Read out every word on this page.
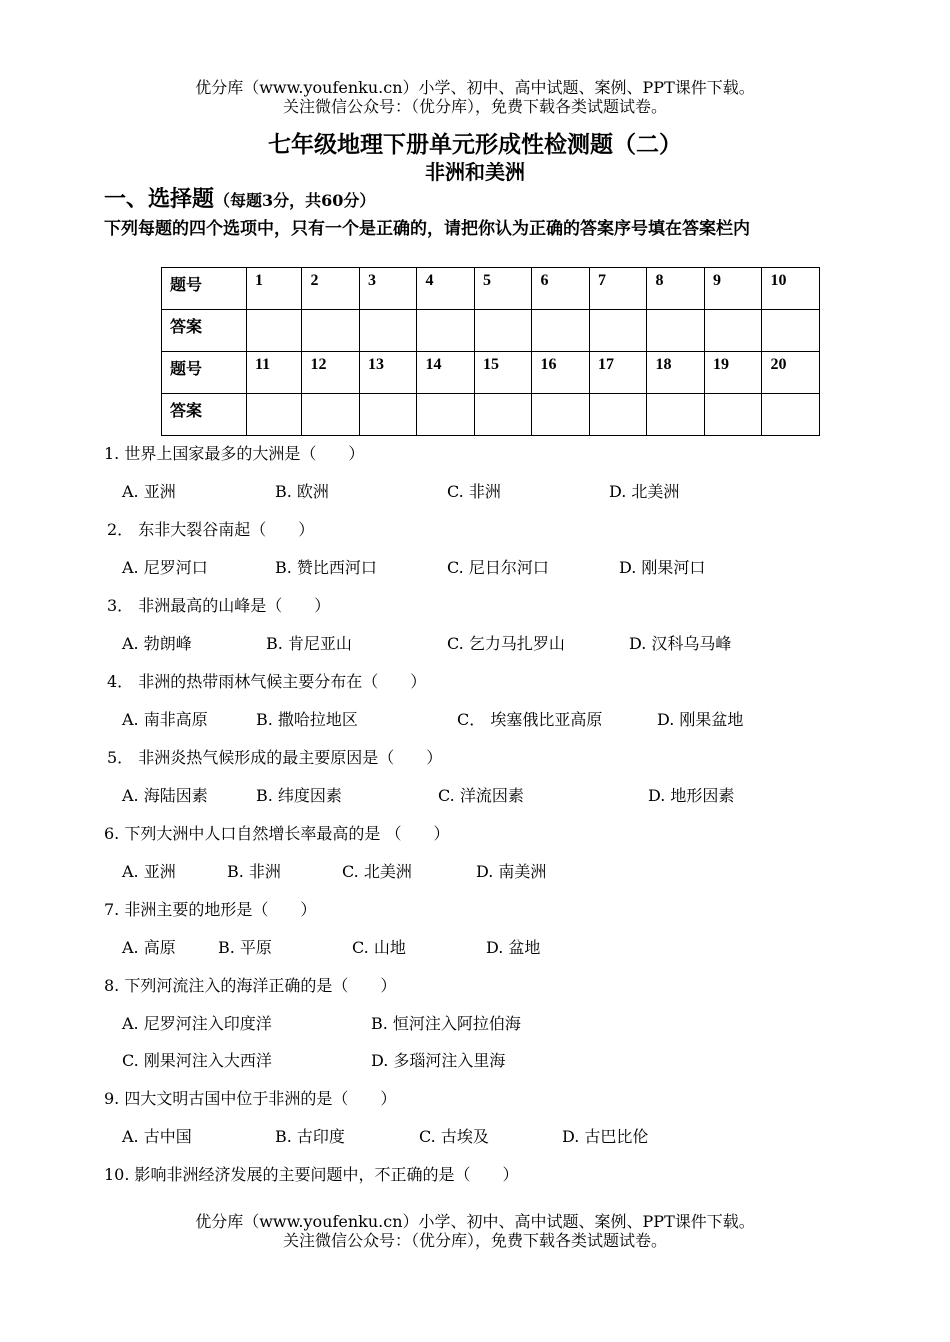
优分库（www.youfenku.cn）小学、初中、高中试题、案例、PPT课件下载。
关注微信公众号：（优分库），免费下载各类试题试卷。
七年级地理下册单元形成性检测题（二）
非洲和美洲
一、选择题（每题3分，共60分）
下列每题的四个选项中，只有一个是正确的，请把你认为正确的答案序号填在答案栏内
题号	1	2	3	4	5	6	7	8	9	10
答案										
题号	11	12	13	14	15	16	17	18	19	20
答案										
1. 世界上国家最多的大洲是（　　）
A. 亚洲	B. 欧洲	C. 非洲	D. 北美洲
2． 东非大裂谷南起（　　）
A. 尼罗河口	B. 赞比西河口	C. 尼日尔河口	D. 刚果河口
3． 非洲最高的山峰是（　　）
A. 勃朗峰	B. 肯尼亚山	C. 乞力马扎罗山	D. 汉科乌马峰
4． 非洲的热带雨林气候主要分布在（　　）
A. 南非高原	B. 撒哈拉地区	C． 埃塞俄比亚高原	D. 刚果盆地
5． 非洲炎热气候形成的最主要原因是（　　）
A. 海陆因素	B. 纬度因素	C. 洋流因素	D. 地形因素
6. 下列大洲中人口自然增长率最高的是 （　　）
A. 亚洲	B. 非洲	C. 北美洲	D. 南美洲
7. 非洲主要的地形是（　　）
A. 高原	B. 平原	C. 山地	D. 盆地
8. 下列河流注入的海洋正确的是（　　）
A. 尼罗河注入印度洋	B. 恒河注入阿拉伯海
C. 刚果河注入大西洋	D. 多瑙河注入里海
9. 四大文明古国中位于非洲的是（　　）
A. 古中国	B. 古印度	C. 古埃及	D. 古巴比伦
10. 影响非洲经济发展的主要问题中，不正确的是（　　）
优分库（www.youfenku.cn）小学、初中、高中试题、案例、PPT课件下载。
关注微信公众号：（优分库），免费下载各类试题试卷。
